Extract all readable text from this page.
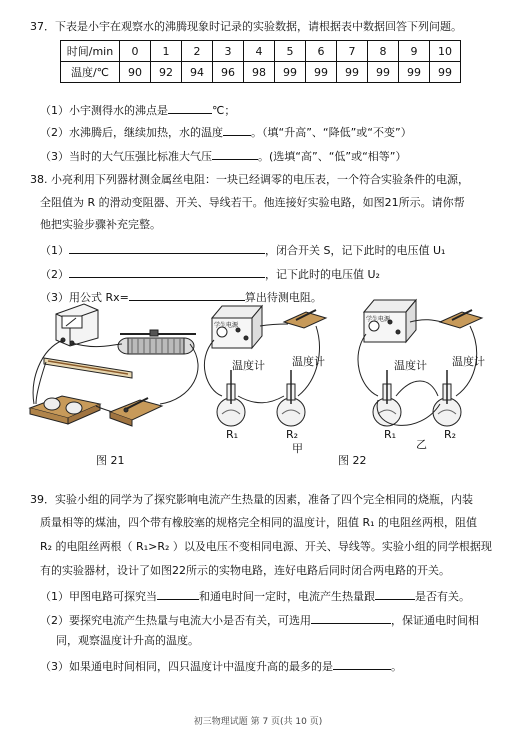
37．下表是小宇在观察水的沸腾现象时记录的实验数据，请根据表中数据回答下列问题。
时间/min	0	1	2	3	4	5	6	7	8	9	10
温度/℃	90	92	94	96	98	99	99	99	99	99	99
（1）小宇测得水的沸点是	℃；
（2）水沸腾后，继续加热，水的温度	。（填“升高”、“降低”或“不变”）
（3）当时的大气压强比标准大气压	。(选填“高”、“低”或“相等”）
38. 小亮利用下列器材测金属丝电阻：一块已经调零的电压表，一个符合实验条件的电源，
全阻值为 R 的滑动变阻器、开关、导线若干。他连接好实验电路，如图21所示。请你帮
他把实验步骤补充完整。
（1）	，闭合开关 S，记下此时的电压值 U₁
（2）	，记下此时的电压值 U₂
（3）用公式 Rx=	算出待测电阻。
温度计 温度计	温度计 温度计
学生电源
学生电源
R₁	R₂	R₁	R₂
甲	乙
图 21	图 22
39．实验小组的同学为了探究影响电流产生热量的因素，准备了四个完全相同的烧瓶，内装
质量相等的煤油，四个带有橡胶塞的规格完全相同的温度计，阻值 R₁ 的电阻丝两根，阻值
R₂ 的电阻丝两根（ R₁>R₂ ）以及电压不变相同电源、开关、导线等。实验小组的同学根据现
有的实验器材，设计了如图22所示的实物电路，连好电路后同时闭合两电路的开关。
（1）甲图电路可探究当	和通电时间一定时，电流产生热量跟	是否有关。
（2）要探究电流产生热量与电流大小是否有关，可选用	，保证通电时间相
同，观察温度计升高的温度。
（3）如果通电时间相同，四只温度计中温度升高的最多的是	。
初三物理试题 第 7 页(共 10 页)
